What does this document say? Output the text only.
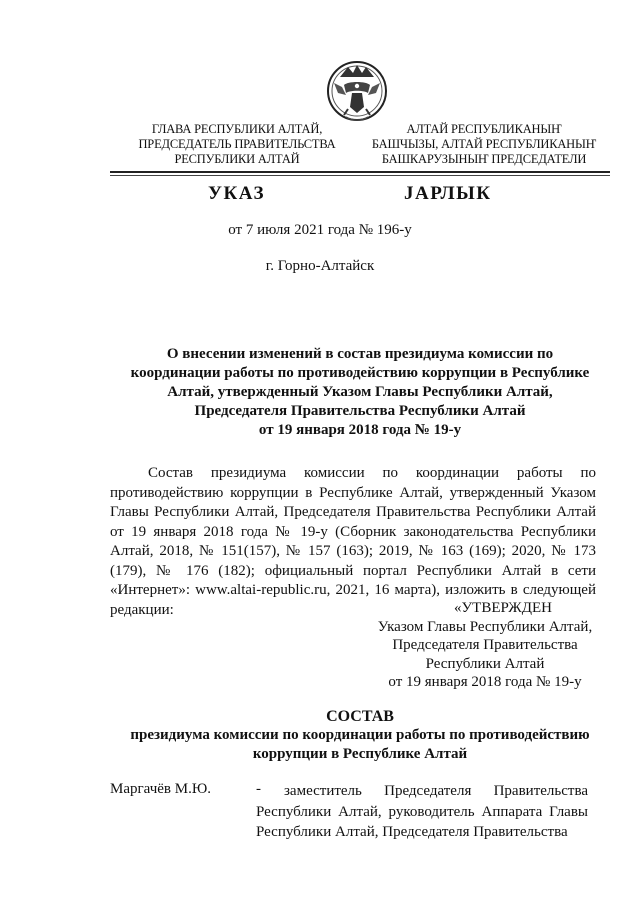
ГЛАВА РЕСПУБЛИКИ АЛТАЙ,
ПРЕДСЕДАТЕЛЬ ПРАВИТЕЛЬСТВА
РЕСПУБЛИКИ АЛТАЙ
АЛТАЙ РЕСПУБЛИКАНЫҤ
БАШЧЫЗЫ, АЛТАЙ РЕСПУБЛИКАНЫҤ
БАШКАРУЗЫНЫҤ ПРЕДСЕДАТЕЛИ
УКАЗ	JАРЛЫК
от 7 июля 2021 года № 196-у
г. Горно-Алтайск
О внесении изменений в состав президиума комиссии по
координации работы по противодействию коррупции в Республике
Алтай, утвержденный Указом Главы Республики Алтай,
Председателя Правительства Республики Алтай
от 19 января 2018 года № 19-у
Состав президиума комиссии по координации работы по противодействию коррупции в Республике Алтай, утвержденный Указом Главы Республики Алтай, Председателя Правительства Республики Алтай от 19 января 2018 года № 19-у (Сборник законодательства Республики Алтай, 2018, № 151(157), № 157 (163); 2019, № 163 (169); 2020, № 173 (179), № 176 (182); официальный портал Республики Алтай в сети «Интернет»: www.altai-republic.ru, 2021, 16 марта), изложить в следующей редакции:	«УТВЕРЖДЕН
Указом Главы Республики Алтай,
Председателя Правительства
Республики Алтай
от 19 января 2018 года № 19-у
СОСТАВ
президиума комиссии по координации работы по противодействию
коррупции в Республике Алтай
Маргачёв М.Ю.	-	заместитель Председателя Правительства Республики Алтай, руководитель Аппарата Главы Республики Алтай, Председателя Правительства
